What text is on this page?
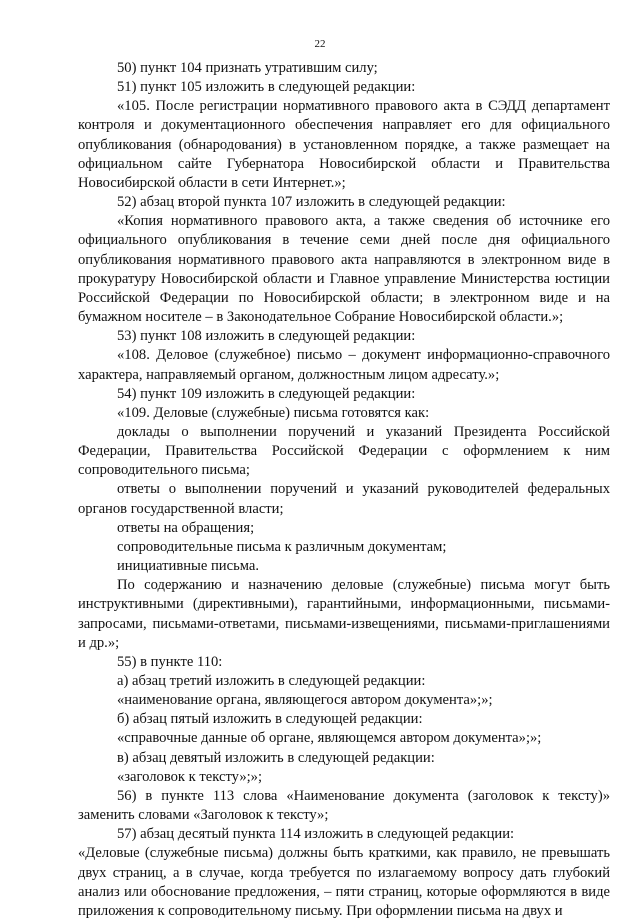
22

50) пункт 104 признать утратившим силу;

51) пункт 105 изложить в следующей редакции:

«105. После регистрации нормативного правового акта в СЭДД департамент контроля и документационного обеспечения направляет его для официального опубликования (обнародования) в установленном порядке, а также размещает на официальном сайте Губернатора Новосибирской области и Правительства Новосибирской области в сети Интернет.»;

52) абзац второй пункта 107 изложить в следующей редакции:

«Копия нормативного правового акта, а также сведения об источнике его официального опубликования в течение семи дней после дня официального опубликования нормативного правового акта направляются в электронном виде в прокуратуру Новосибирской области и Главное управление Министерства юстиции Российской Федерации по Новосибирской области; в электронном виде и на бумажном носителе – в Законодательное Собрание Новосибирской области.»;

53) пункт 108 изложить в следующей редакции:

«108. Деловое (служебное) письмо – документ информационно-справочного характера, направляемый органом, должностным лицом адресату.»;

54) пункт 109 изложить в следующей редакции:

«109. Деловые (служебные) письма готовятся как:

доклады о выполнении поручений и указаний Президента Российской Федерации, Правительства Российской Федерации с оформлением к ним сопроводительного письма;

ответы о выполнении поручений и указаний руководителей федеральных органов государственной власти;

ответы на обращения;

сопроводительные письма к различным документам;

инициативные письма.

По содержанию и назначению деловые (служебные) письма могут быть инструктивными (директивными), гарантийными, информационными, письмами-запросами, письмами-ответами, письмами-извещениями, письмами-приглашениями и др.»;

55) в пункте 110:

а) абзац третий изложить в следующей редакции:

«наименование органа, являющегося автором документа»;»;

б) абзац пятый изложить в следующей редакции:

«справочные данные об органе, являющемся автором документа»;»;

в) абзац девятый изложить в следующей редакции:

«заголовок к тексту»;»;

56) в пункте 113 слова «Наименование документа (заголовок к тексту)» заменить словами «Заголовок к тексту»;

57) абзац десятый пункта 114 изложить в следующей редакции:

«Деловые (служебные письма) должны быть краткими, как правило, не превышать двух страниц, а в случае, когда требуется по излагаемому вопросу дать глубокий анализ или обоснование предложения, – пяти страниц, которые оформляются в виде приложения к сопроводительному письму. При оформлении письма на двух и
